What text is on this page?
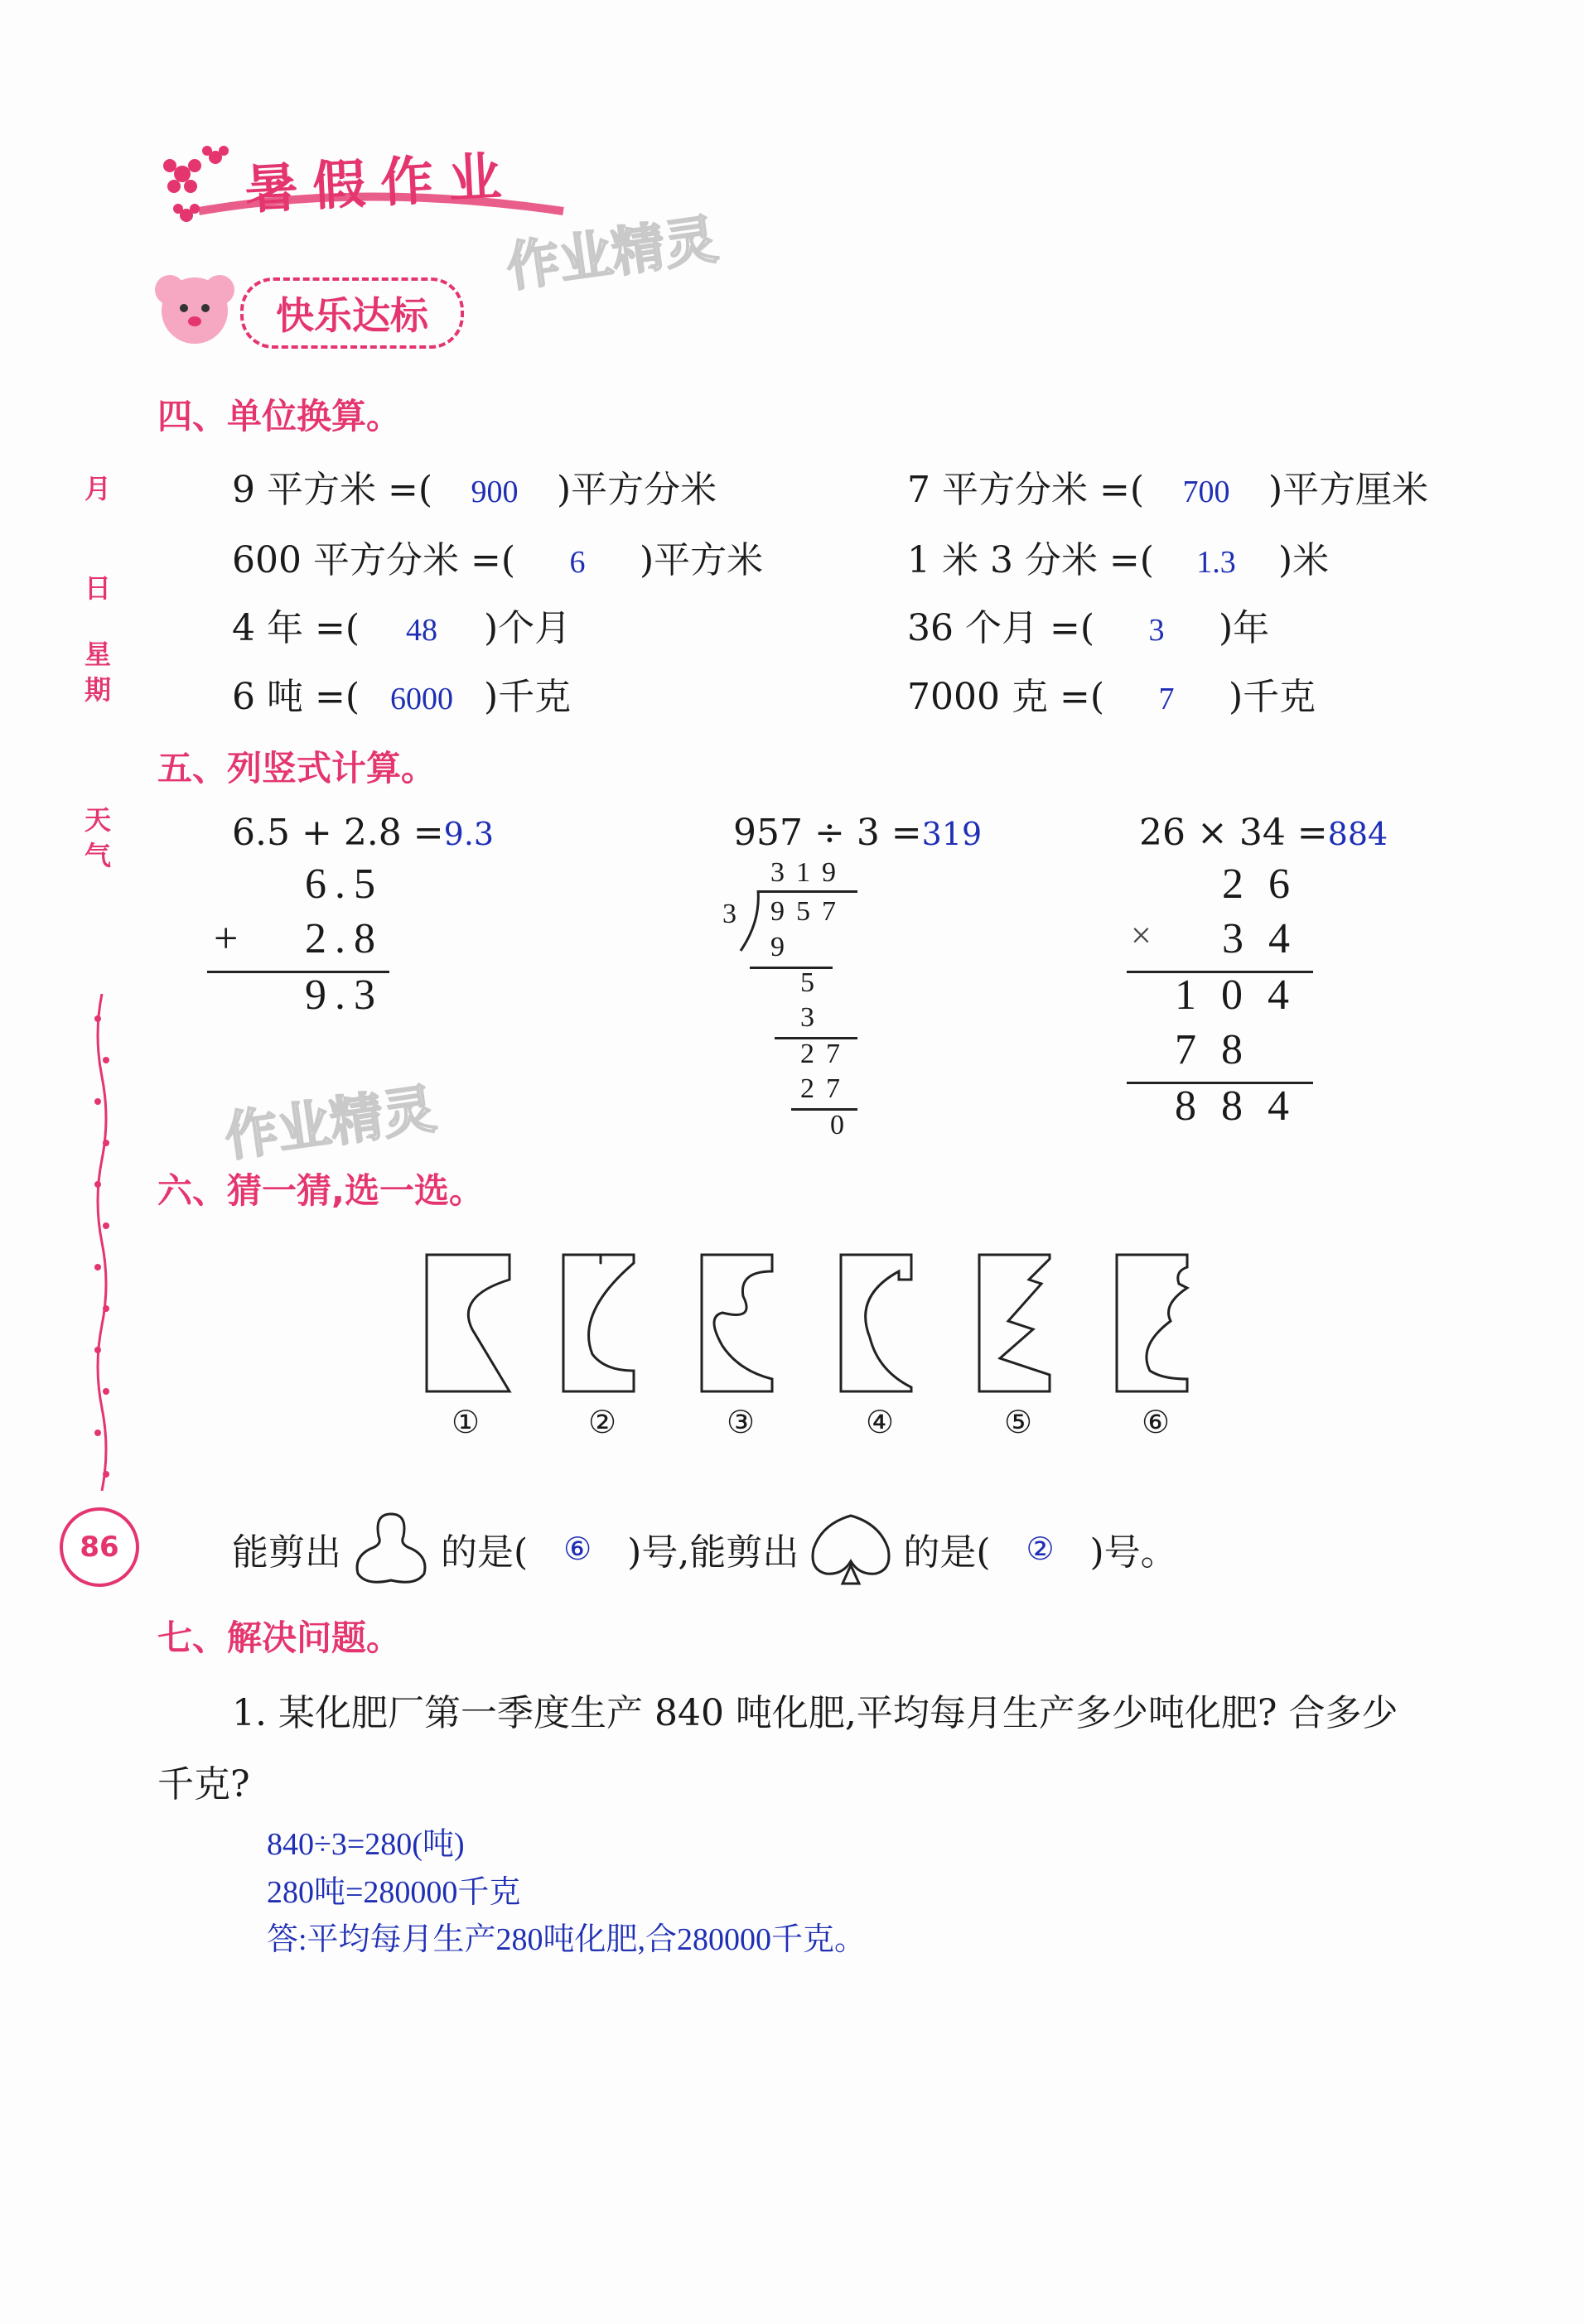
暑假作业
作业精灵
快乐达标
月
日
星
期
天
气
86
四、单位换算。
9 平方米 =( 900 )平方分米	7 平方分米 =( 700 )平方厘米
600 平方分米 =( 6 )平方米	1 米 3 分米 =( 1.3 )米
4 年 =( 48 )个月	36 个月 =( 3 )年
6 吨 =( 6000 )千克	7000 克 =( 7 )千克
五、列竖式计算。
6.5 + 2.8 =9.3	957 ÷ 3 =319	26 × 34 =884
6.5
+ 2.8
9.3
319
3 957
9
5
3
27
27
0
26
× 34
104
78
884
作业精灵
六、猜一猜,选一选。
①	②	③	④	⑤	⑥
能剪出	的是(	⑥ )号,能剪出	的是(	② )号。
七、解决问题。
1. 某化肥厂第一季度生产 840 吨化肥,平均每月生产多少吨化肥? 合多少
千克?
840÷3=280(吨)
280吨=280000千克
答:平均每月生产280吨化肥,合280000千克。
